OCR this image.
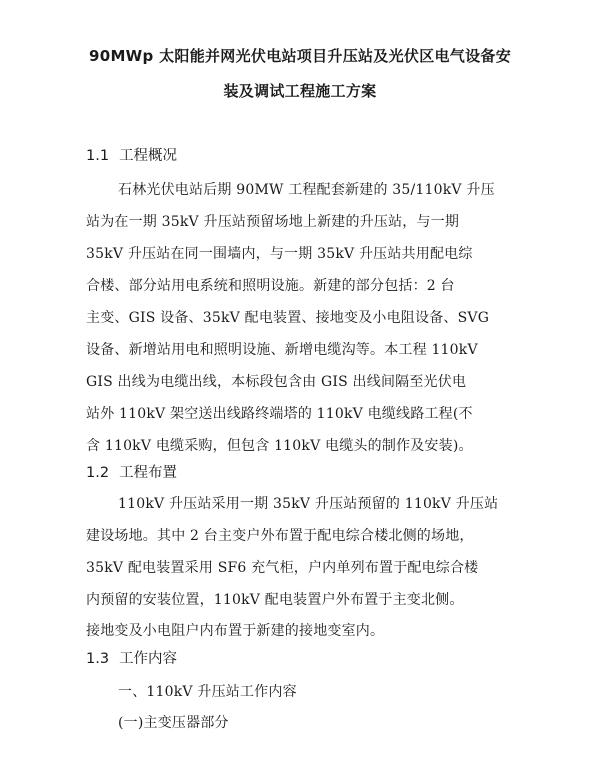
90MWp 太阳能并网光伏电站项目升压站及光伏区电气设备安
装及调试工程施工方案
1.1 工程概况
石林光伏电站后期 90MW 工程配套新建的 35/110kV 升压
站为在一期 35kV 升压站预留场地上新建的升压站，与一期
35kV 升压站在同一围墙内，与一期 35kV 升压站共用配电综
合楼、部分站用电系统和照明设施。新建的部分包括：2 台
主变、GIS 设备、35kV 配电装置、接地变及小电阻设备、SVG
设备、新增站用电和照明设施、新增电缆沟等。本工程 110kV
GIS 出线为电缆出线，本标段包含由 GIS 出线间隔至光伏电
站外 110kV 架空送出线路终端塔的 110kV 电缆线路工程(不
含 110kV 电缆采购，但包含 110kV 电缆头的制作及安装)。
1.2 工程布置
110kV 升压站采用一期 35kV 升压站预留的 110kV 升压站
建设场地。其中 2 台主变户外布置于配电综合楼北侧的场地，
35kV 配电装置采用 SF6 充气柜，户内单列布置于配电综合楼
内预留的安装位置，110kV 配电装置户外布置于主变北侧。
接地变及小电阻户内布置于新建的接地变室内。
1.3 工作内容
一、110kV 升压站工作内容
(一)主变压器部分
